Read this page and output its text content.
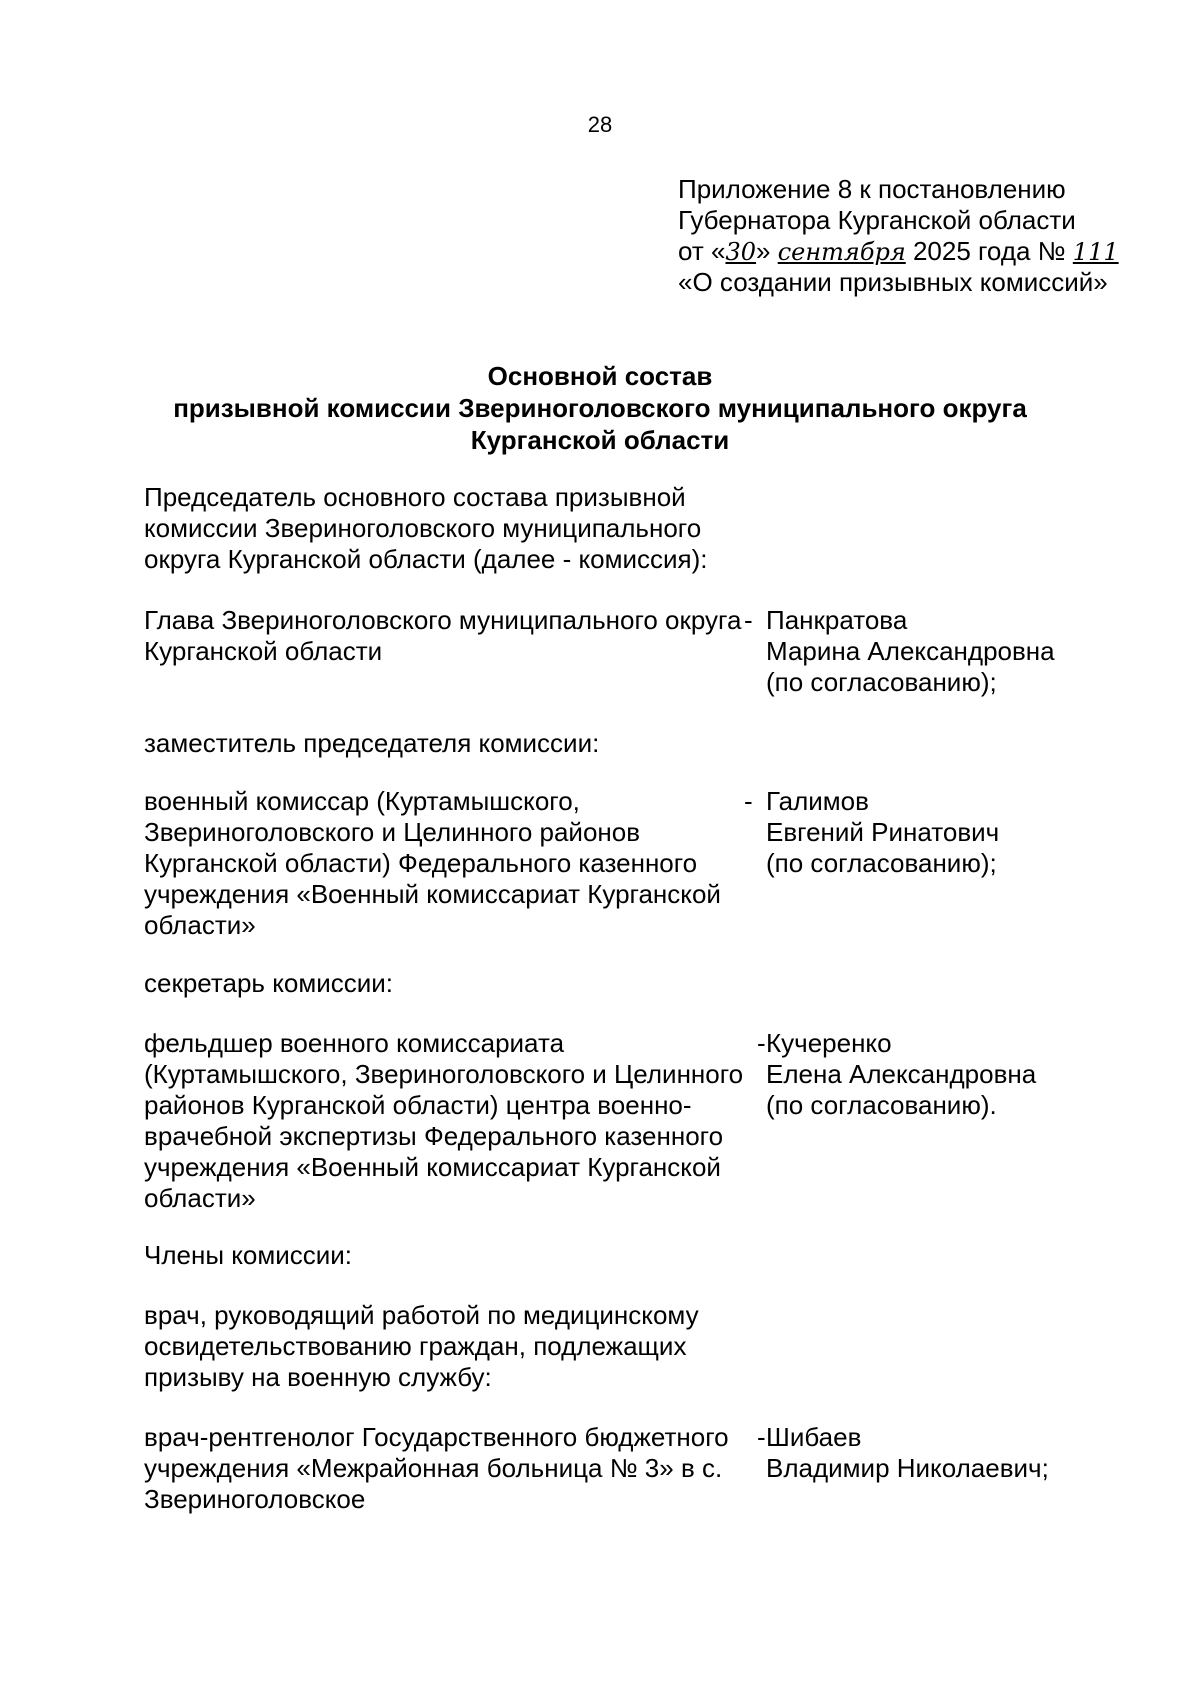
28
Приложение 8 к постановлению
Губернатора Курганской области
от «30» сентября 2025 года № 111
«О создании призывных комиссий»
Основной состав
призывной комиссии Звериноголовского муниципального округа
Курганской области
Председатель основного состава призывной
комиссии Звериноголовского муниципального
округа Курганской области (далее - комиссия):
Глава Звериноголовского муниципального округа
Курганской области
- Панкратова
Марина Александровна
(по согласованию);
заместитель председателя комиссии:
военный комиссар (Куртамышского,
Звериноголовского и Целинного районов
Курганской области) Федерального казенного
учреждения «Военный комиссариат Курганской
области»
- Галимов
Евгений Ринатович
(по согласованию);
секретарь комиссии:
фельдшер военного комиссариата
(Куртамышского, Звериноголовского и Целинного
районов Курганской области) центра военно-
врачебной экспертизы Федерального казенного
учреждения «Военный комиссариат Курганской
области»
- Кучеренко
Елена Александровна
(по согласованию).
Члены комиссии:
врач, руководящий работой по медицинскому
освидетельствованию граждан, подлежащих
призыву на военную службу:
врач-рентгенолог Государственного бюджетного
учреждения «Межрайонная больница № 3» в с.
Звериноголовское
- Шибаев
Владимир Николаевич;
